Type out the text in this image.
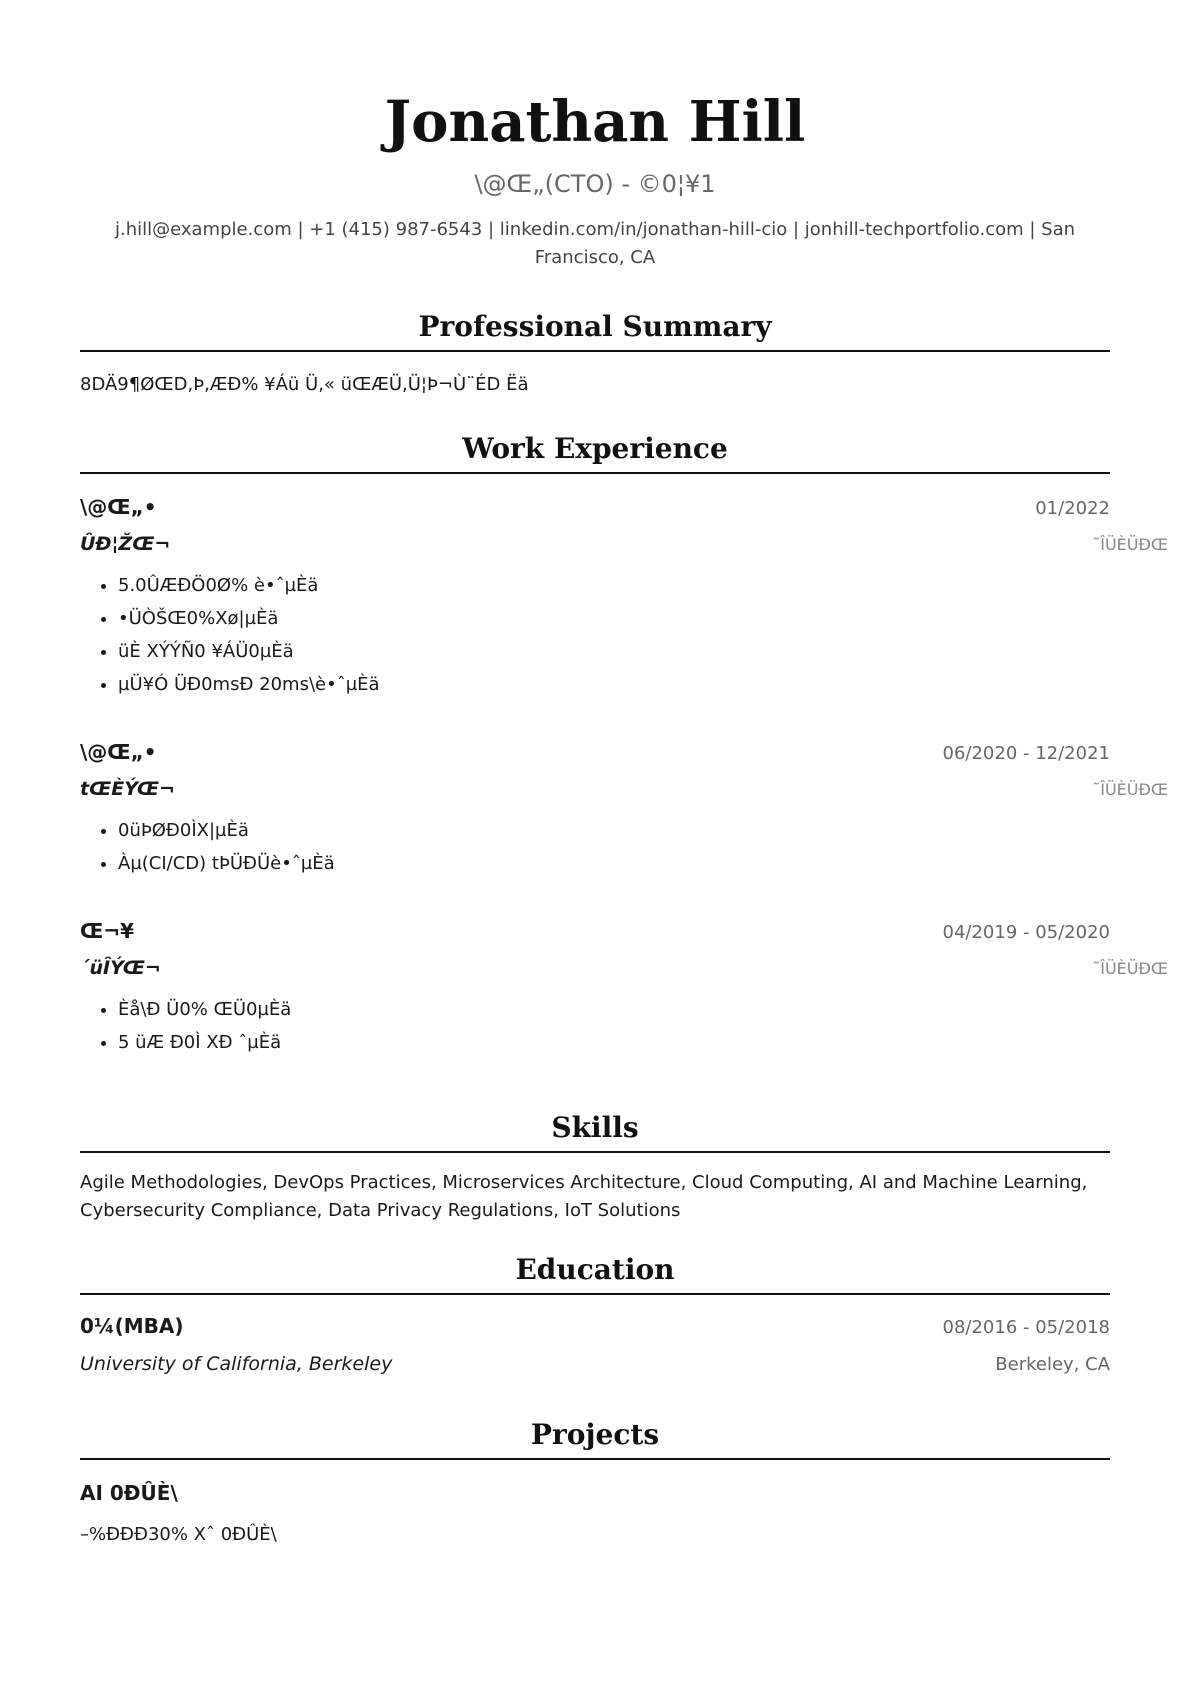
Jonathan Hill
\@Œ„(CTO) - ©0¦¥1
j.hill@example.com | +1 (415) 987-6543 | linkedin.com/in/jonathan-hill-cio | jonhill-techportfolio.com | San Francisco, CA
Professional Summary
8DÄ9¶ØŒD,Þ,ÆÐ% ¥Áü Ü,« üŒÆÜ,Ü¦Þ¬Ù¨ÉD Ëä
Work Experience
\@Œ„•	01/2022
ÛÐ¦ŽŒ¬	˜ÎÜÈÜÐŒ
• 5.0ÛÆÐÖ0Ø% è•ˆµÈä
• •ÜÒŠŒ0%Xø|µÈä
• üÈ XÝÝÑ0 ¥ÁÜ0µÈä
• µÜ¥Ó ÜÐ0msÐ 20ms\è•ˆµÈä
\@Œ„•	06/2020 - 12/2021
tŒÈÝŒ¬	˜ÎÜÈÜÐŒ
• 0üÞØÐ0ÌX|µÈä
• Àµ(CI/CD) tÞÜÐÜè•ˆµÈä
Œ¬¥	04/2019 - 05/2020
´üÎÝŒ¬	˜ÎÜÈÜÐŒ
• Èå\Ð Ü0% ŒÜ0µÈä
• 5 üÆ Ð0Ì XÐ ˆµÈä
Skills
Agile Methodologies, DevOps Practices, Microservices Architecture, Cloud Computing, AI and Machine Learning, Cybersecurity Compliance, Data Privacy Regulations, IoT Solutions
Education
0¼(MBA)	08/2016 - 05/2018
University of California, Berkeley	Berkeley, CA
Projects
AI 0ÐÛÈ\
–%ÐÐÐ30% Xˆ 0ÐÛÈ\
